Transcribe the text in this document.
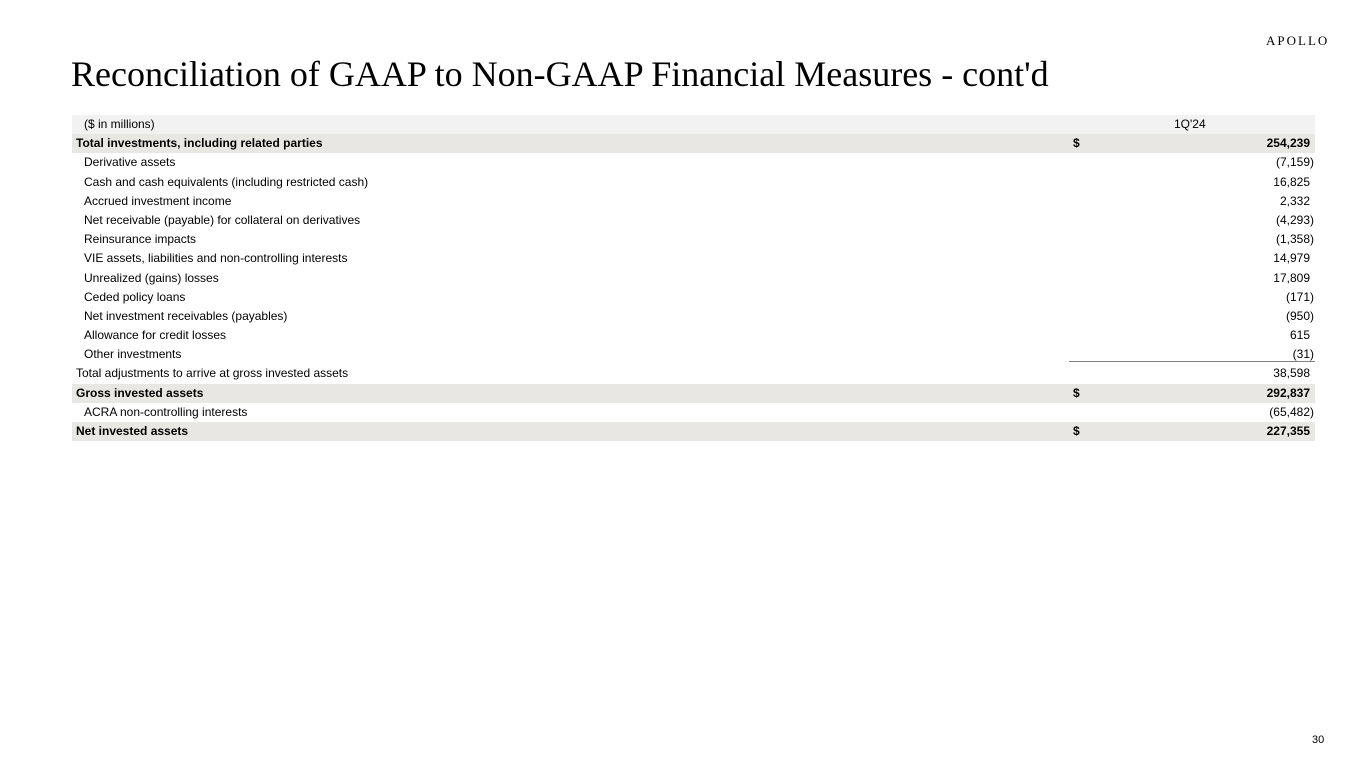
APOLLO
Reconciliation of GAAP to Non-GAAP Financial Measures - cont'd
($ in millions)	1Q'24
Total investments, including related parties	$	254,239
Derivative assets	(7,159)
Cash and cash equivalents (including restricted cash)	16,825
Accrued investment income	2,332
Net receivable (payable) for collateral on derivatives	(4,293)
Reinsurance impacts	(1,358)
VIE assets, liabilities and non-controlling interests	14,979
Unrealized (gains) losses	17,809
Ceded policy loans	(171)
Net investment receivables (payables)	(950)
Allowance for credit losses	615
Other investments	(31)
Total adjustments to arrive at gross invested assets	38,598
Gross invested assets	$	292,837
ACRA non-controlling interests	(65,482)
Net invested assets	$	227,355
30
